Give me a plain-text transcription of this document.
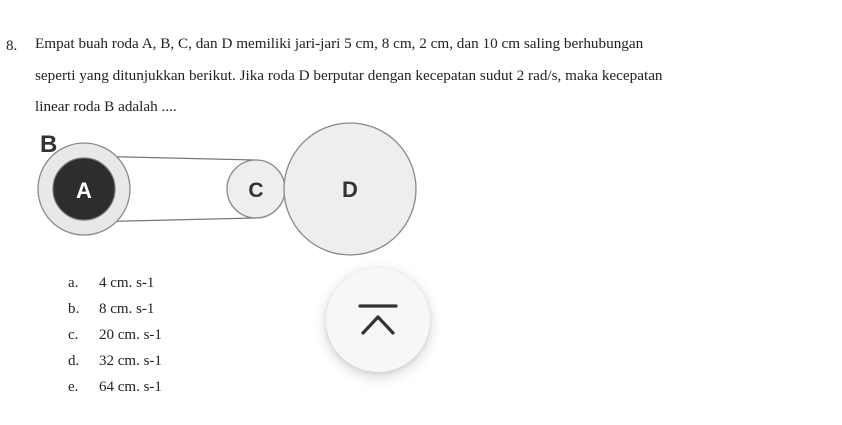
8. Empat buah roda A, B, C, dan D memiliki jari-jari 5 cm, 8 cm, 2 cm, dan 10 cm saling berhubungan
seperti yang ditunjukkan berikut. Jika roda D berputar dengan kecepatan sudut 2 rad/s, maka kecepatan
linear roda B adalah ....
B
A	C	D
a.	4 cm. s-1
b.	8 cm. s-1
c.	20 cm. s-1
d.	32 cm. s-1
e.	64 cm. s-1
